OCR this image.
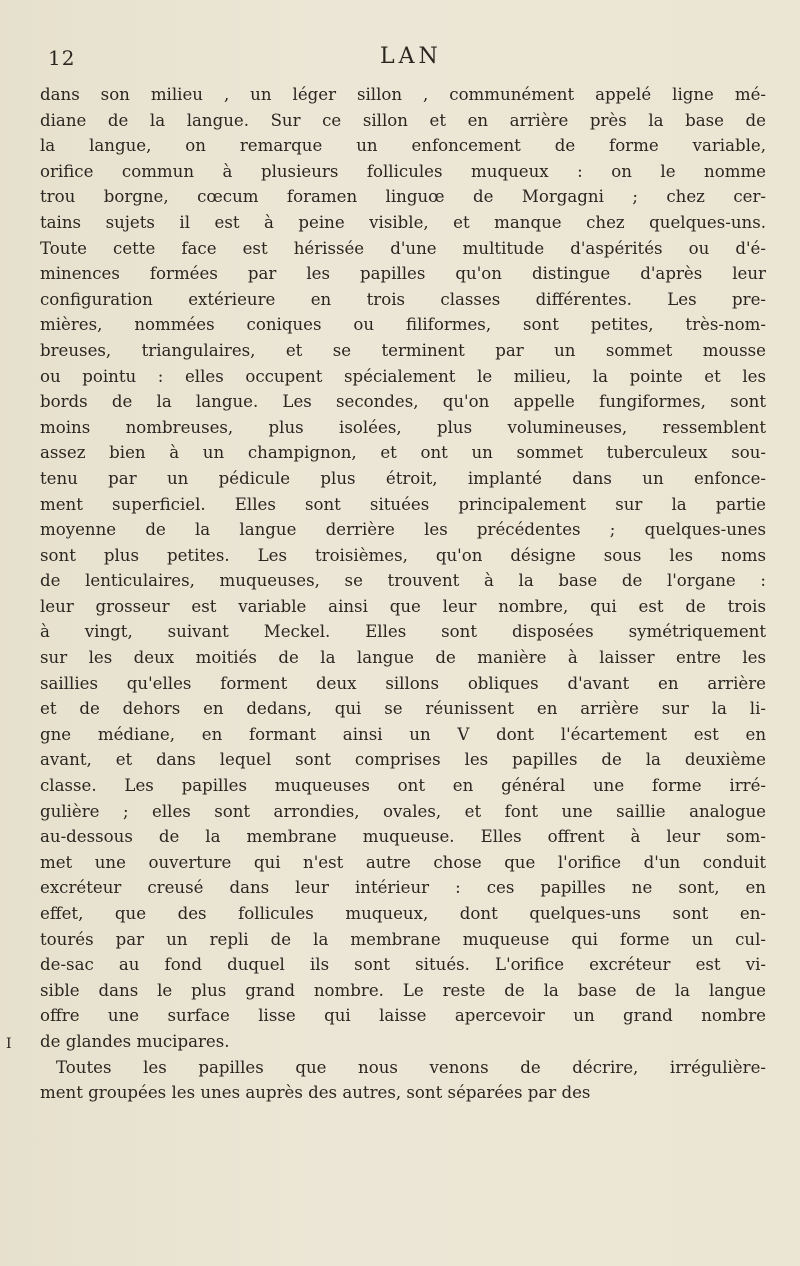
12	LAN
I
dans son milieu , un léger sillon , communément appelé ligne mé-
diane de la langue. Sur ce sillon et en arrière près la base de
la langue, on remarque un enfoncement de forme variable,
orifice commun à plusieurs follicules muqueux : on le nomme
trou borgne, cœcum foramen linguœ de Morgagni ; chez cer-
tains sujets il est à peine visible, et manque chez quelques-uns.
Toute cette face est hérissée d'une multitude d'aspérités ou d'é-
minences formées par les papilles qu'on distingue d'après leur
configuration extérieure en trois classes différentes. Les pre-
mières, nommées coniques ou filiformes, sont petites, très-nom-
breuses, triangulaires, et se terminent par un sommet mousse
ou pointu : elles occupent spécialement le milieu, la pointe et les
bords de la langue. Les secondes, qu'on appelle fungiformes, sont
moins nombreuses, plus isolées, plus volumineuses, ressemblent
assez bien à un champignon, et ont un sommet tuberculeux sou-
tenu par un pédicule plus étroit, implanté dans un enfonce-
ment superficiel. Elles sont situées principalement sur la partie
moyenne de la langue derrière les précédentes ; quelques-unes
sont plus petites. Les troisièmes, qu'on désigne sous les noms
de lenticulaires, muqueuses, se trouvent à la base de l'organe :
leur grosseur est variable ainsi que leur nombre, qui est de trois
à vingt, suivant Meckel. Elles sont disposées symétriquement
sur les deux moitiés de la langue de manière à laisser entre les
saillies qu'elles forment deux sillons obliques d'avant en arrière
et de dehors en dedans, qui se réunissent en arrière sur la li-
gne médiane, en formant ainsi un V dont l'écartement est en
avant, et dans lequel sont comprises les papilles de la deuxième
classe. Les papilles muqueuses ont en général une forme irré-
gulière ; elles sont arrondies, ovales, et font une saillie analogue
au-dessous de la membrane muqueuse. Elles offrent à leur som-
met une ouverture qui n'est autre chose que l'orifice d'un conduit
excréteur creusé dans leur intérieur : ces papilles ne sont, en
effet, que des follicules muqueux, dont quelques-uns sont en-
tourés par un repli de la membrane muqueuse qui forme un cul-
de-sac au fond duquel ils sont situés. L'orifice excréteur est vi-
sible dans le plus grand nombre. Le reste de la base de la langue
offre une surface lisse qui laisse apercevoir un grand nombre
de glandes mucipares.
Toutes les papilles que nous venons de décrire, irrégulière-
ment groupées les unes auprès des autres, sont séparées par des
